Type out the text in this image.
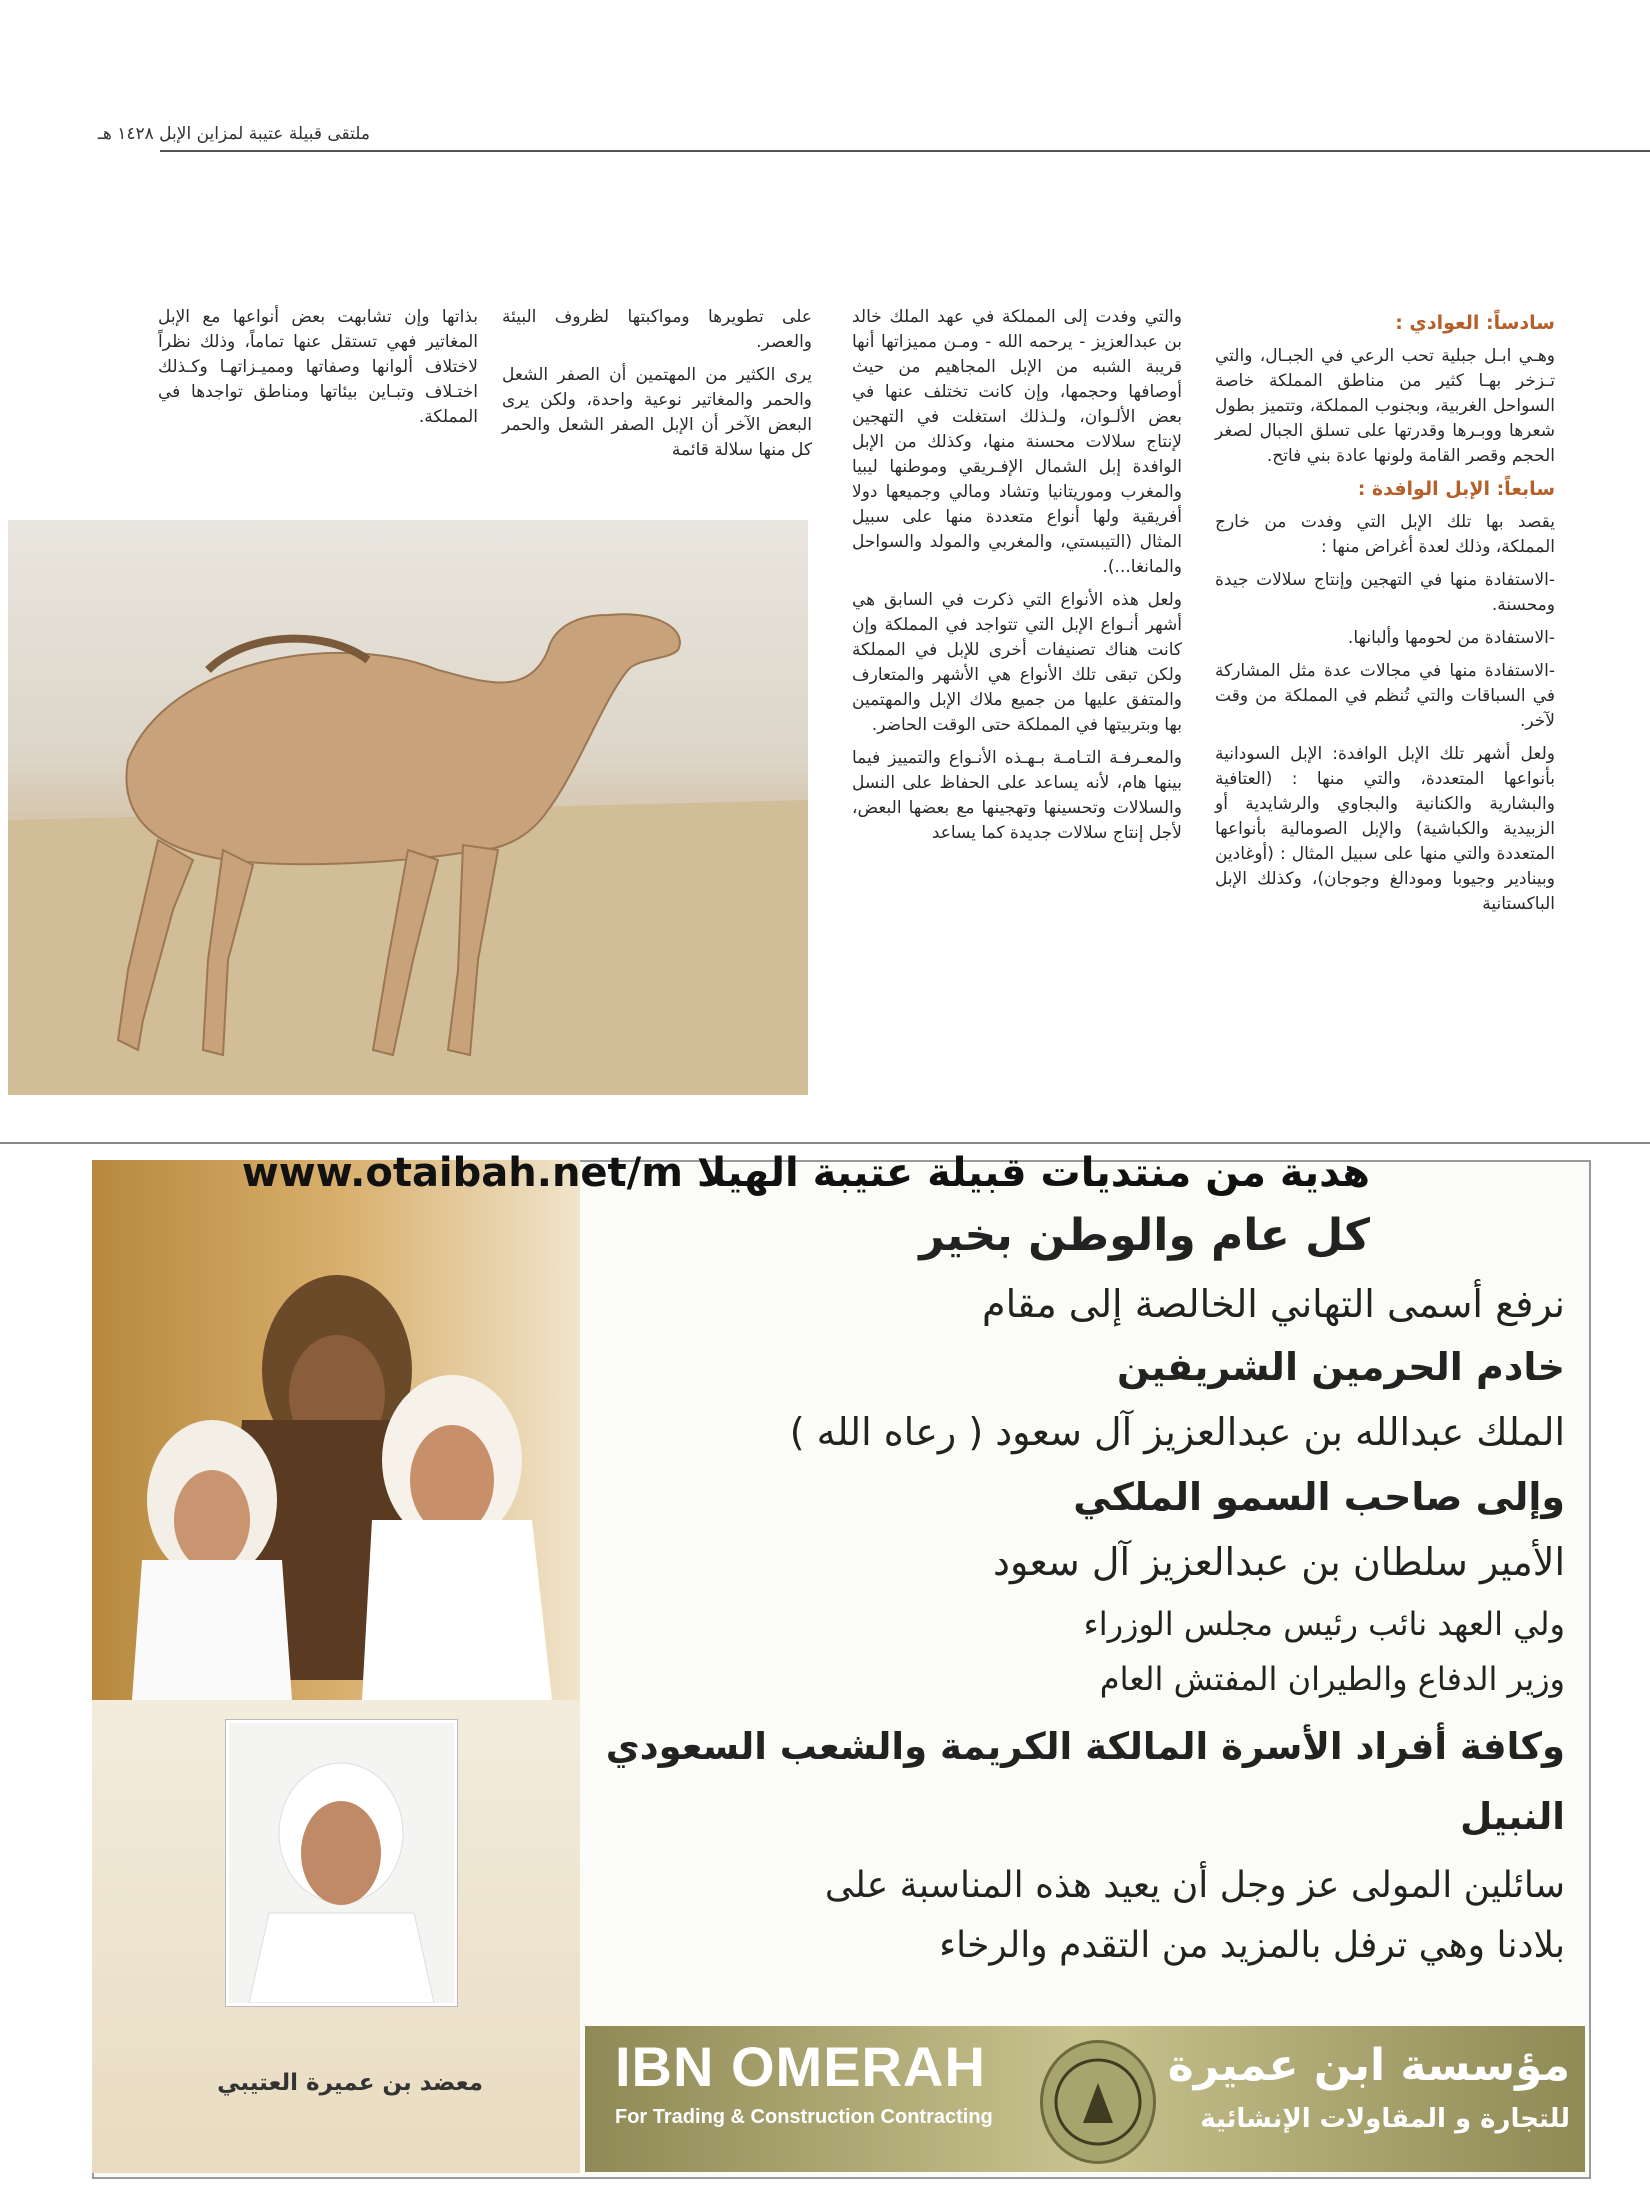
ملتقى قبيلة عتيبة لمزاين الإبل ١٤٢٨ هـ
سادساً: العوادي :

وهـي ابـل جبلية تحب الرعي في الجبـال، والتي تـزخر بهـا كثير من مناطق المملكة خاصة السواحل الغربية، وبجنوب المملكة، وتتميز بطول شعرها ووبـرها وقدرتها على تسلق الجبال لصغر الحجم وقصر القامة ولونها عادة بني فاتح.

سابعاً: الإبل الوافدة :

يقصد بها تلك الإبل التي وفدت من خارج المملكة، وذلك لعدة أغراض منها :

-الاستفادة منها في التهجين وإنتاج سلالات جيدة ومحسنة.

-الاستفادة من لحومها وألبانها.

-الاستفادة منها في مجالات عدة مثل المشاركة في السباقات والتي تُنظم في المملكة من وقت لآخر.

ولعل أشهر تلك الإبل الوافدة: الإبل السودانية بأنواعها المتعددة، والتي منها : (العتافية والبشارية والكنانية والبجاوي والرشايدية أو الزبيدية والكباشية) والإبل الصومالية بأنواعها المتعددة والتي منها على سبيل المثال : (أوغادين وبينادير وجيوبا ومودالغ وجوجان)، وكذلك الإبل الباكستانية

والتي وفدت إلى المملكة في عهد الملك خالد بن عبدالعزيز - يرحمه الله - ومـن مميزاتها أنها قريبة الشبه من الإبل المجاهيم من حيث أوصافها وحجمها، وإن كانت تختلف عنها في بعض الألـوان، ولـذلك استغلت في التهجين لإنتاج سلالات محسنة منها، وكذلك من الإبل الوافدة إبل الشمال الإفـريقي وموطنها ليبيا والمغرب وموريتانيا وتشاد ومالي وجميعها دولا أفريقية ولها أنواع متعددة منها على سبيل المثال (التيبستي، والمغربي والمولد والسواحل والمانغا...).

ولعل هذه الأنواع التي ذكرت في السابق هي أشهر أنـواع الإبل التي تتواجد في المملكة وإن كانت هناك تصنيفات أخرى للإبل في المملكة ولكن تبقى تلك الأنواع هي الأشهر والمتعارف والمتفق عليها من جميع ملاك الإبل والمهتمين بها وبتربيتها في المملكة حتى الوقت الحاضر.

والمعـرفـة التـامـة بـهـذه الأنـواع والتمييز فيما بينها هام، لأنه يساعد على الحفاظ على النسل والسلالات وتحسينها وتهجينها مع بعضها البعض، لأجل إنتاج سلالات جديدة كما يساعد

على تطويرها ومواكبتها لظروف البيئة والعصر.

يرى الكثير من المهتمين أن الصفر الشعل والحمر والمغاتير نوعية واحدة، ولكن يرى البعض الآخر أن الإبل الصفر الشعل والحمر كل منها سلالة قائمة

بذاتها وإن تشابهت بعض أنواعها مع الإبل المغاتير فهي تستقل عنها تماماً، وذلك نظراً لاختلاف ألوانها وصفاتها ومميـزاتهـا وكـذلك اختـلاف وتبـاين بيئاتها ومناطق تواجدها في المملكة.

هدية من منتديات قبيلة عتيبة الهيلا www.otaibah.net/m
كل عام والوطن بخير
نرفع أسمى التهاني الخالصة إلى مقام
خادم الحرمين الشريفين
الملك عبدالله بن عبدالعزيز آل سعود ( رعاه الله )
وإلى صاحب السمو الملكي
الأمير سلطان بن عبدالعزيز آل سعود
ولي العهد نائب رئيس مجلس الوزراء
وزير الدفاع والطيران المفتش العام
وكافة أفراد الأسرة المالكة الكريمة والشعب السعودي
النبيل
سائلين المولى عز وجل أن يعيد هذه المناسبة على
بلادنا وهي ترفل بالمزيد من التقدم والرخاء
معضد بن عميرة العتيبي	IBN OMERAH
For Trading & Construction Contracting
مؤسسة ابن عميرة
للتجارة و المقاولات الإنشائية
